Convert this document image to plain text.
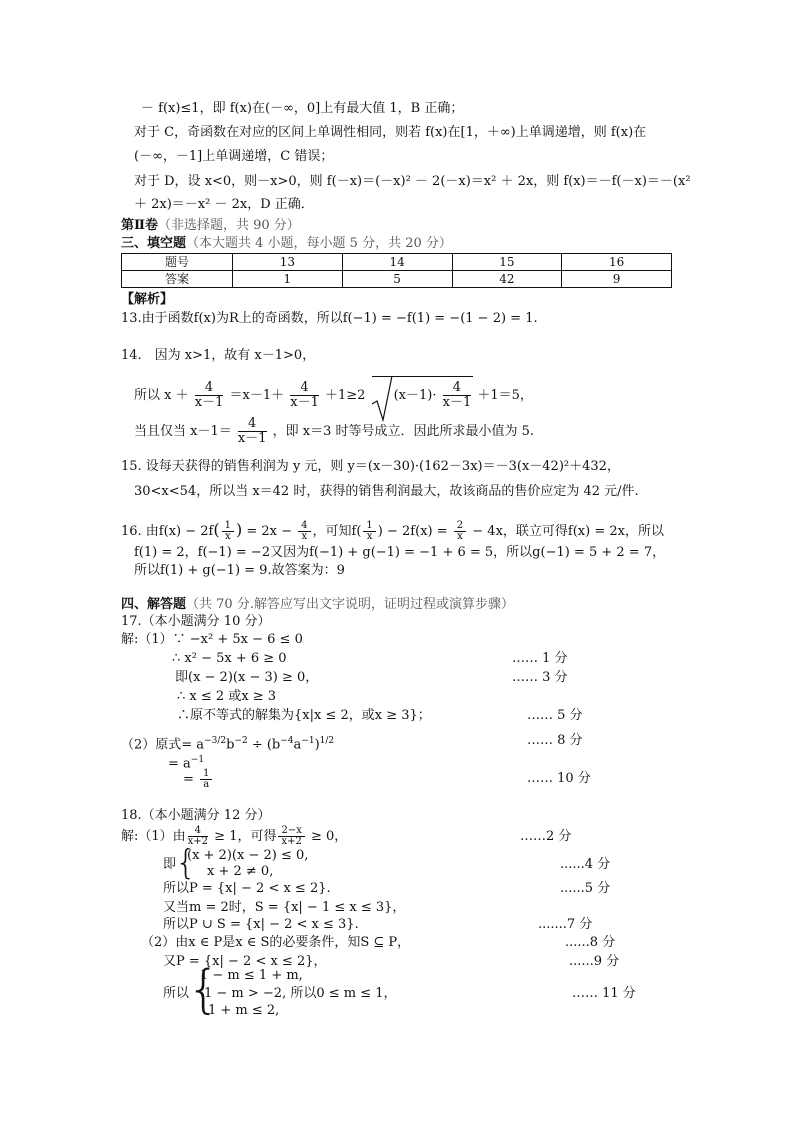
－ f(x)≤1，即 f(x)在(－∞，0]上有最大值 1，B 正确；
对于 C，奇函数在对应的区间上单调性相同，则若 f(x)在[1，＋∞)上单调递增，则 f(x)在
(－∞，－1]上单调递增，C 错误；
对于 D，设 x<0，则－x>0，则 f(－x)＝(－x)² － 2(－x)＝x² ＋ 2x，则 f(x)＝－f(－x)＝－(x²
＋ 2x)＝－x² － 2x，D 正确．
第Ⅱ卷（非选择题，共 90 分）
三、填空题（本大题共 4 小题，每小题 5 分，共 20 分）
题号	13	14	15	16
答案	1	5	42	9
【解析】
13.由于函数f(x)为R上的奇函数，所以f(−1) = −f(1) = −(1 − 2) = 1.
14.　因为 x>1，故有 x－1>0，
所以 $x + \frac{4}{x-1} =x-1+ \frac{4}{x-1} +1\ge 2$ $(x-1)\cdot \frac{4}{x-1} +1=5$，
当且仅当 $x-1= \frac{4}{x-1}$ ，即 x＝3 时等号成立．因此所求最小值为 5.
15. 设每天获得的销售利润为 y 元，则 y＝(x－30)·(162－3x)＝－3(x－42)²＋432，
30<x<54，所以当 x＝42 时，获得的销售利润最大，故该商品的售价应定为 42 元/件.
16. 由$f(x) - 2f( \frac{1}{x}$ ) = $2x - \frac{4}{x}$ ，可知$f( \frac{1}{x}$ ) − $2f(x) = \frac{2}{x} - 4x$，联立可得f(x) = 2x，所以
f(1) = 2，f(−1) = −2又因为f(−1) + g(−1) = −1 + 6 = 5，所以g(−1) = 5 + 2 = 7，
所以f(1) + g(−1) = 9.故答案为：9
四、解答题（共 70 分.解答应写出文字说明，证明过程或演算步骤）
17.（本小题满分 10 分）
解:（1）∵ −x² + 5x − 6 ≤ 0
∴ x² − 5x + 6 ≥ 0	…… 1 分
即(x − 2)(x − 3) ≥ 0，	…… 3 分
∴ x ≤ 2 或x ≥ 3
∴原不等式的解集为{x|x ≤ 2，或x ≥ 3}；	…… 5 分
（2）原式= $a^{-3/2}b^{-2} \div (b^{-4}a^{-1})^{1/2}$	…… 8 分
= $a^{-1}$
= $\frac{1}{a}$	…… 10 分
18.（本小题满分 12 分）
解:（1）由 $\frac{4}{x+2} \ge 1$，可得 $\frac{2-x}{x+2} \ge 0$，	……2 分
即
{
(x + 2)(x − 2) ≤ 0,
x + 2 ≠ 0,	......4 分
所以P = {x| − 2 < x ≤ 2}.	......5 分
又当m = 2时，S = {x| − 1 ≤ x ≤ 3}，
所以P ∪ S = {x| − 2 < x ≤ 3}.	.......7 分
（2）由x ∈ P是x ∈ S的必要条件，知S ⊆ P，	......8 分
又P = {x| − 2 < x ≤ 2}，	......9 分
所以
{
1 − m ≤ 1 + m,
1 − m > −2, 所以0 ≤ m ≤ 1，
1 + m ≤ 2,
…… 11 分
